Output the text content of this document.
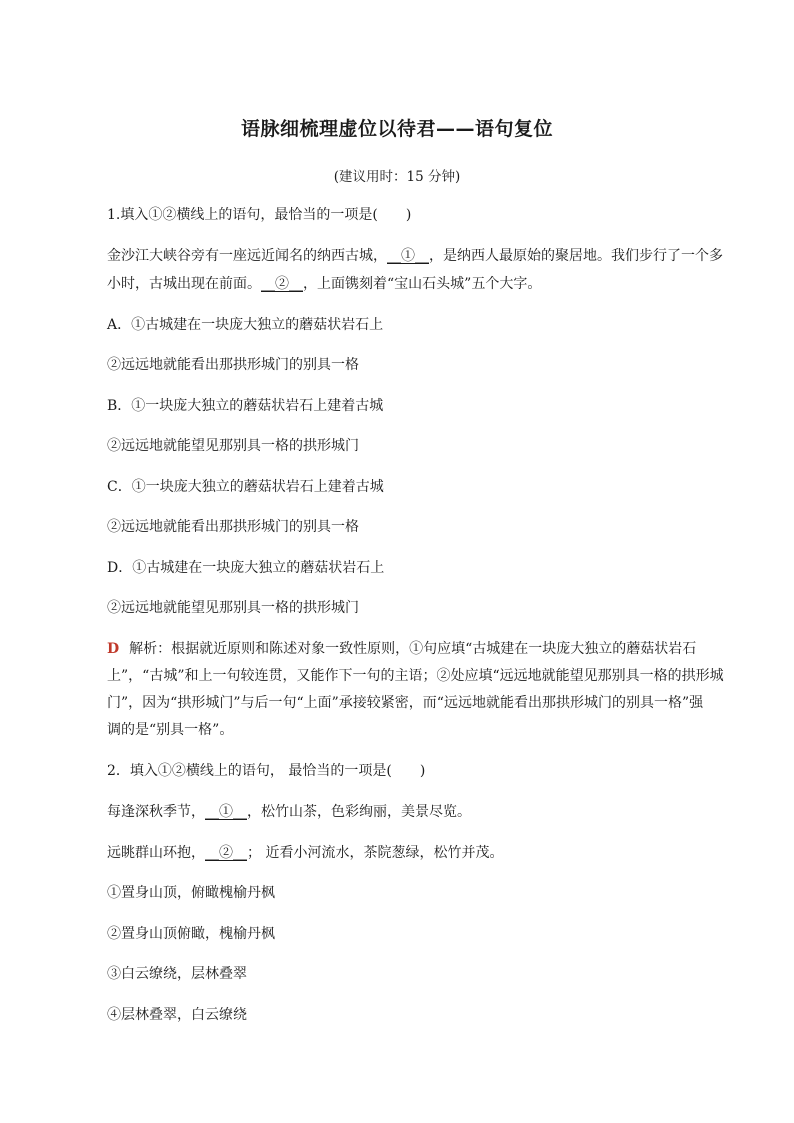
语脉细梳理虚位以待君——语句复位
(建议用时：15 分钟)
1.填入①②横线上的语句，最恰当的一项是(　　)
金沙江大峡谷旁有一座远近闻名的纳西古城，__①__，是纳西人最原始的聚居地。我们步行了一个多
小时，古城出现在前面。__②__，上面镌刻着“宝山石头城”五个大字。
A．①古城建在一块庞大独立的蘑菇状岩石上
②远远地就能看出那拱形城门的别具一格
B．①一块庞大独立的蘑菇状岩石上建着古城
②远远地就能望见那别具一格的拱形城门
C．①一块庞大独立的蘑菇状岩石上建着古城
②远远地就能看出那拱形城门的别具一格
D．①古城建在一块庞大独立的蘑菇状岩石上
②远远地就能望见那别具一格的拱形城门
D 解析：根据就近原则和陈述对象一致性原则，①句应填“古城建在一块庞大独立的蘑菇状岩石
上”，“古城”和上一句较连贯，又能作下一句的主语；②处应填“远远地就能望见那别具一格的拱形城
门”，因为“拱形城门”与后一句“上面”承接较紧密，而“远远地就能看出那拱形城门的别具一格”强
调的是“别具一格”。
2．填入①②横线上的语句， 最恰当的一项是(　　)
每逢深秋季节，__①__，松竹山茶，色彩绚丽，美景尽览。
远眺群山环抱，__②__； 近看小河流水，茶院葱绿，松竹并茂。
①置身山顶，俯瞰槐榆丹枫
②置身山顶俯瞰，槐榆丹枫
③白云缭绕，层林叠翠
④层林叠翠，白云缭绕
